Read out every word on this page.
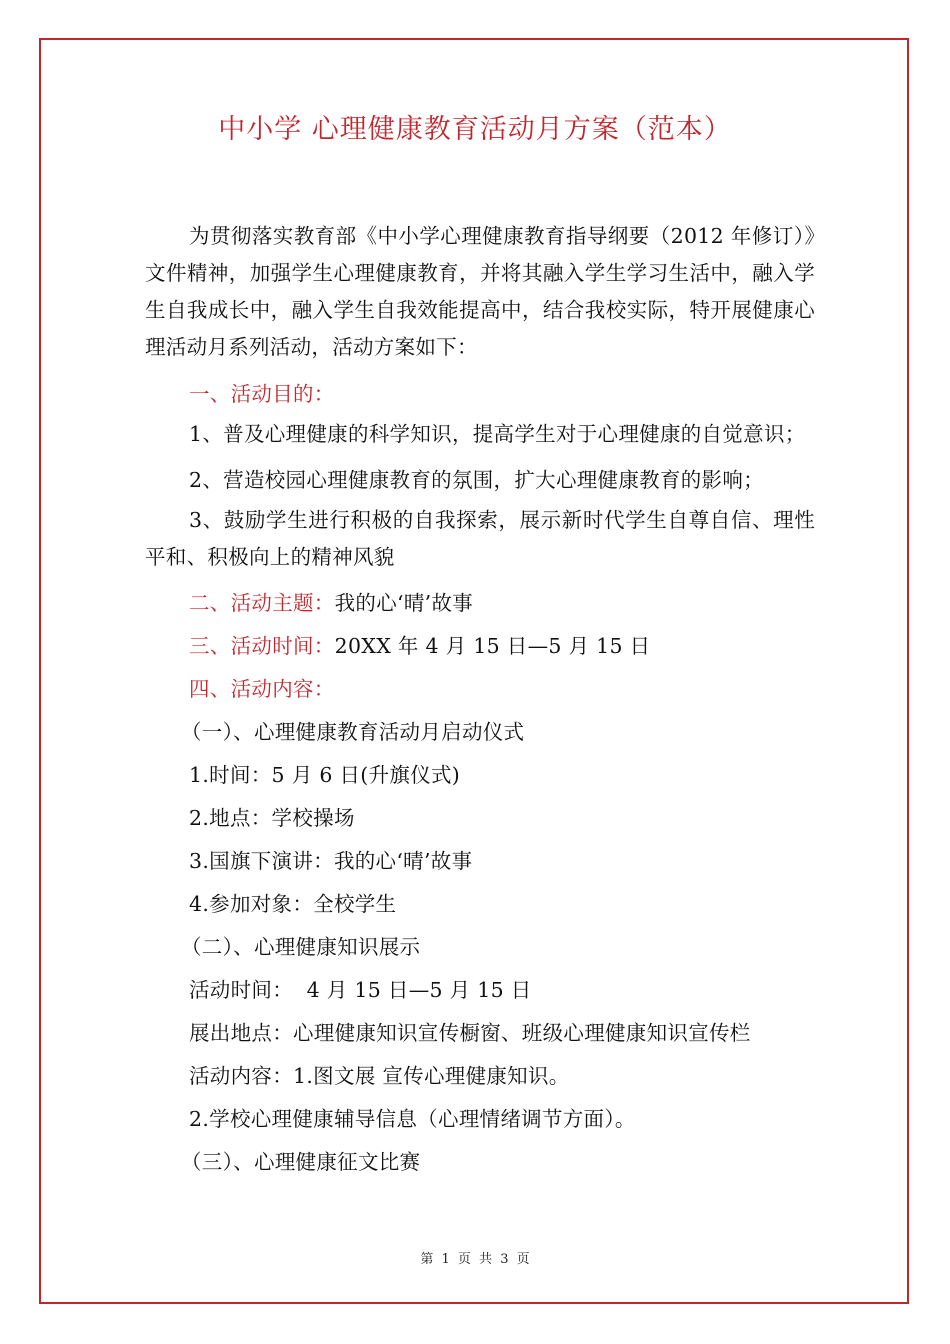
中小学 心理健康教育活动月方案（范本）

为贯彻落实教育部《中小学心理健康教育指导纲要（2012 年修订）》文件精神，加强学生心理健康教育，并将其融入学生学习生活中，融入学生自我成长中，融入学生自我效能提高中，结合我校实际，特开展健康心理活动月系列活动，活动方案如下：

一、活动目的：

1、普及心理健康的科学知识，提高学生对于心理健康的自觉意识；

2、营造校园心理健康教育的氛围，扩大心理健康教育的影响；

3、鼓励学生进行积极的自我探索，展示新时代学生自尊自信、理性平和、积极向上的精神风貌

二、活动主题：我的心‘晴’故事

三、活动时间：20XX 年 4 月 15 日—5 月 15 日

四、活动内容：

（一）、心理健康教育活动月启动仪式

1.时间：5 月 6 日(升旗仪式)

2.地点：学校操场

3.国旗下演讲：我的心‘晴’故事

4.参加对象：全校学生

（二）、心理健康知识展示

活动时间：  4 月 15 日—5 月 15 日

展出地点：心理健康知识宣传橱窗、班级心理健康知识宣传栏

活动内容：1.图文展 宣传心理健康知识。

2.学校心理健康辅导信息（心理情绪调节方面）。

（三）、心理健康征文比赛

第 1 页 共 3 页
